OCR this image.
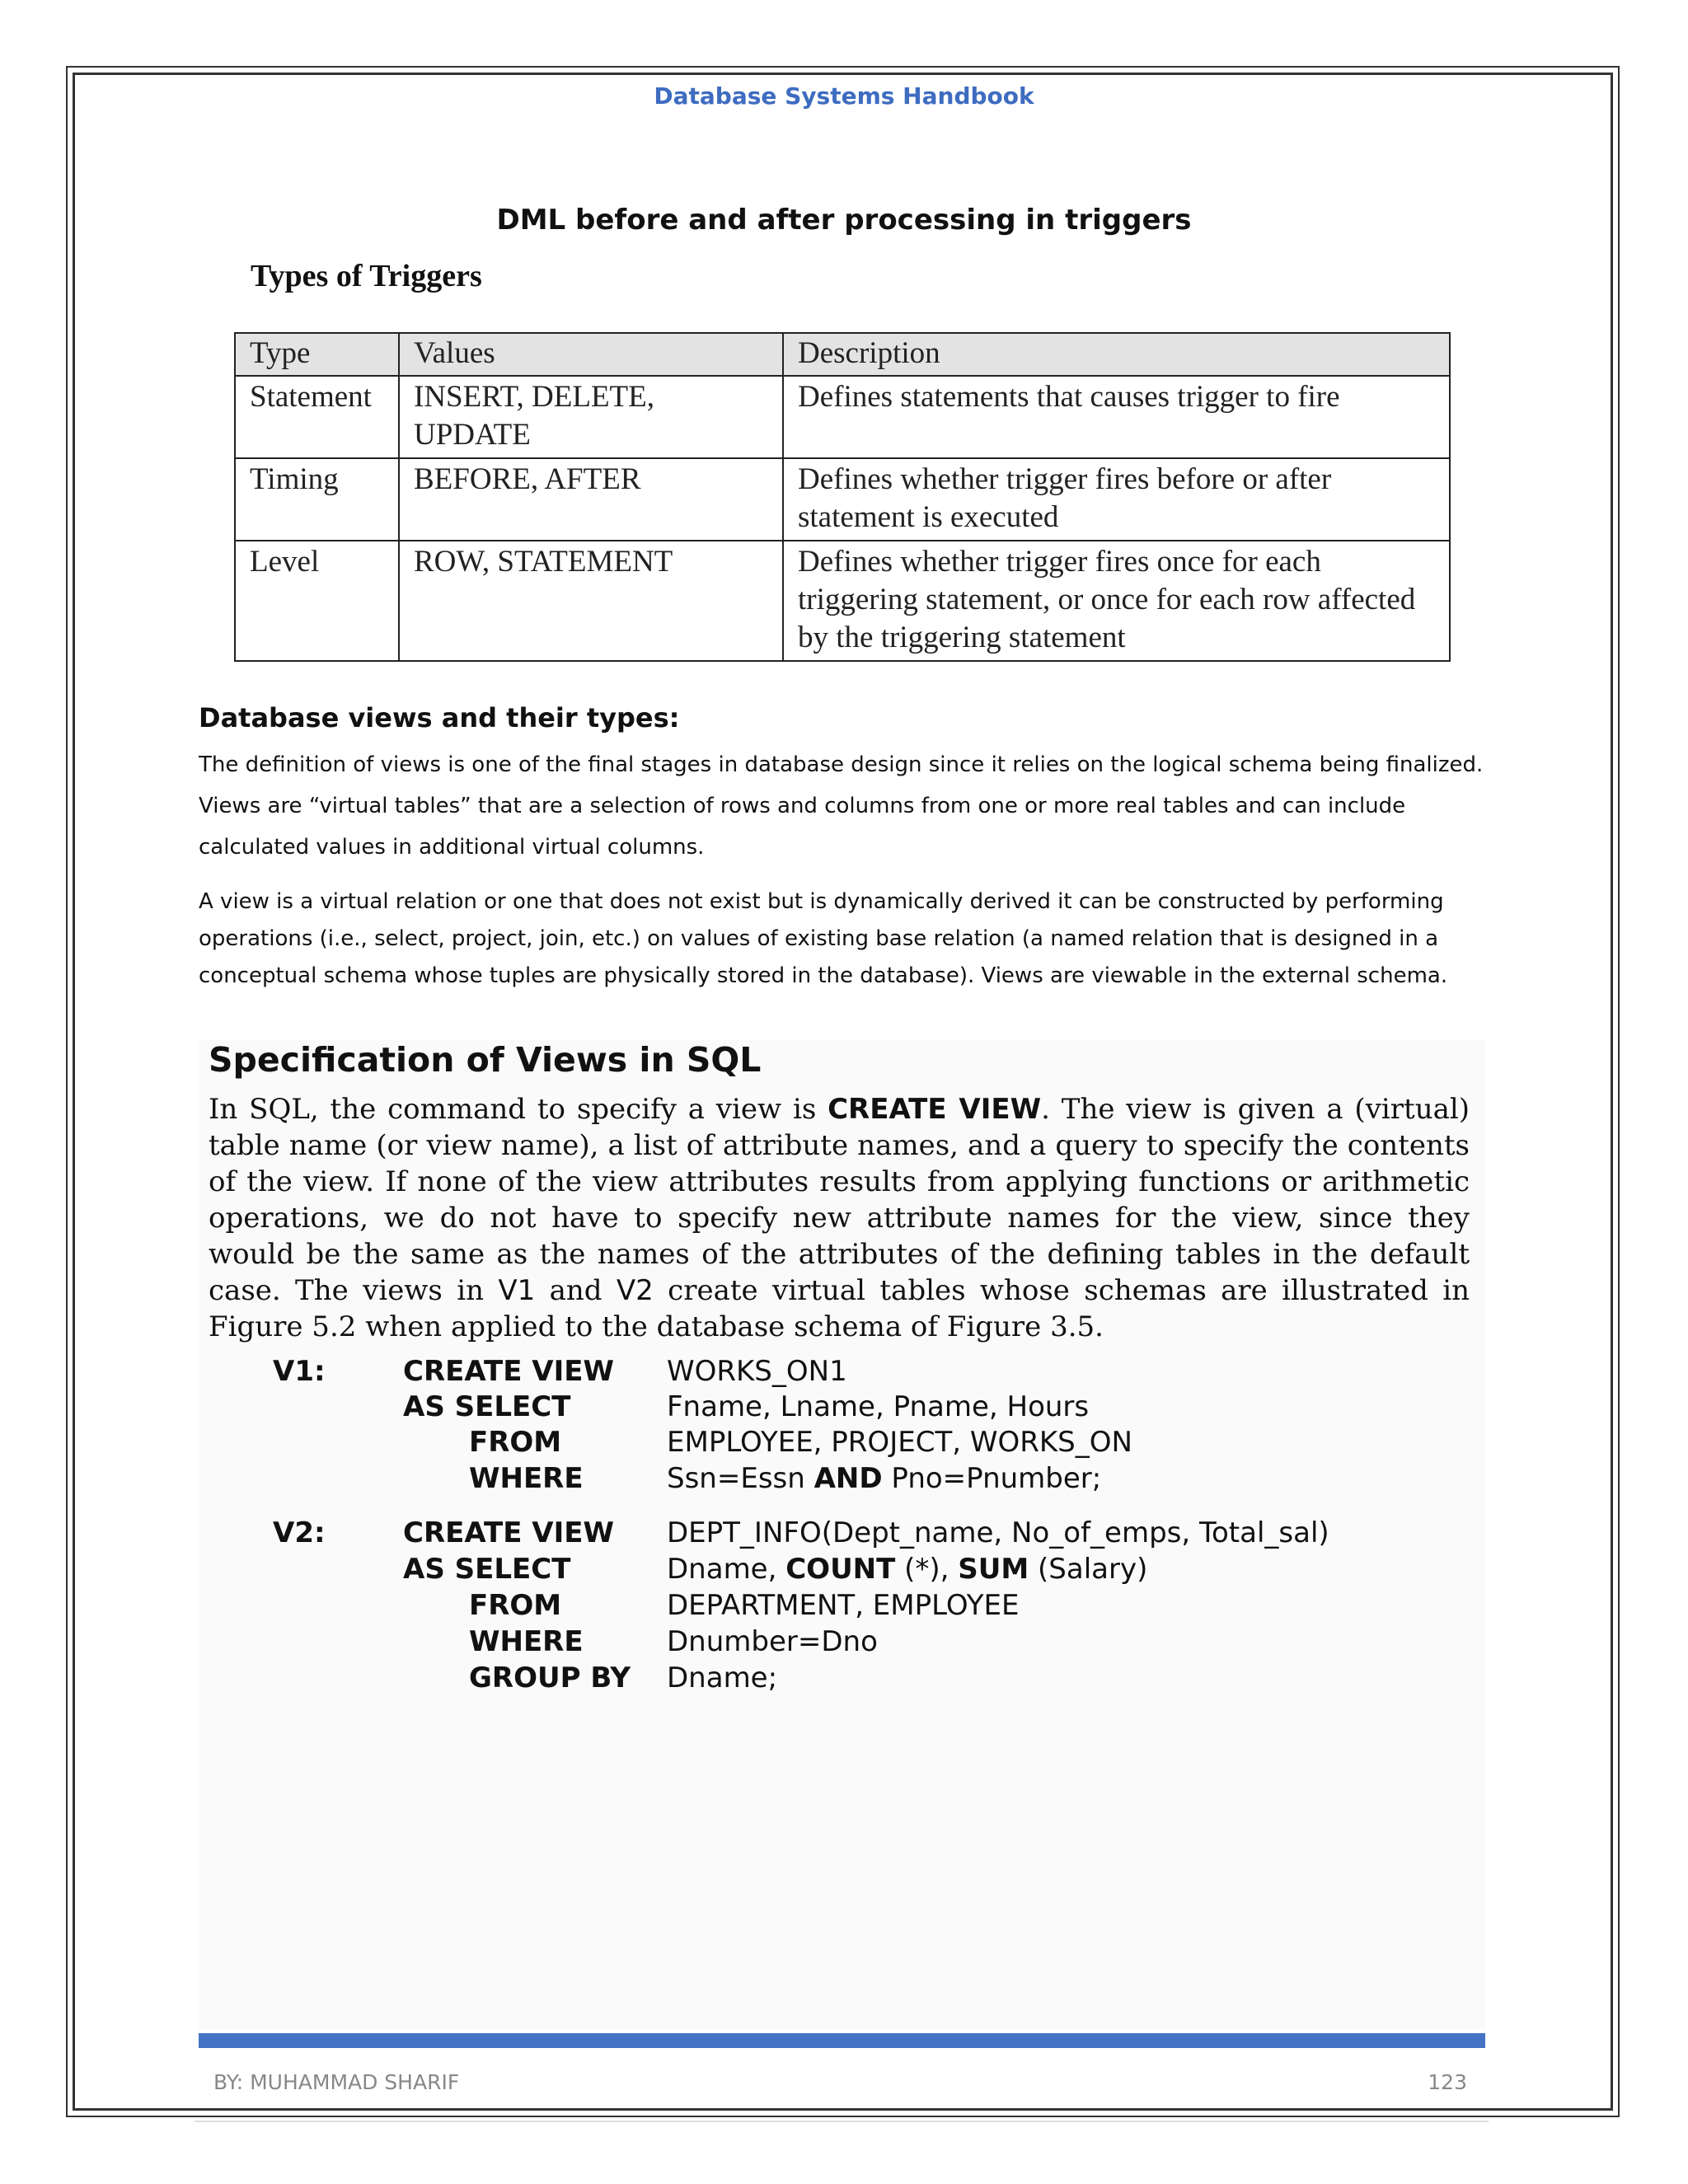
Database Systems Handbook
DML before and after processing in triggers
Types of Triggers
Type	Values	Description
Statement	INSERT, DELETE, UPDATE	Defines statements that causes trigger to fire
Timing	BEFORE, AFTER	Defines whether trigger fires before or after statement is executed
Level	ROW, STATEMENT	Defines whether trigger fires once for each triggering statement, or once for each row affected by the triggering statement
Database views and their types:
The definition of views is one of the final stages in database design since it relies on the logical schema being finalized. Views are “virtual tables” that are a selection of rows and columns from one or more real tables and can include calculated values in additional virtual columns.
A view is a virtual relation or one that does not exist but is dynamically derived it can be constructed by performing operations (i.e., select, project, join, etc.) on values of existing base relation (a named relation that is designed in a conceptual schema whose tuples are physically stored in the database). Views are viewable in the external schema.
Specification of Views in SQL
In SQL, the command to specify a view is CREATE VIEW. The view is given a (virtual) table name (or view name), a list of attribute names, and a query to specify the contents of the view. If none of the view attributes results from applying functions or arithmetic operations, we do not have to specify new attribute names for the view, since they would be the same as the names of the attributes of the defining tables in the default case. The views in V1 and V2 create virtual tables whose schemas are illustrated in Figure 5.2 when applied to the database schema of Figure 3.5.
V1:	CREATE VIEW WORKS_ON1
AS SELECT	Fname, Lname, Pname, Hours
FROM	EMPLOYEE, PROJECT, WORKS_ON
WHERE	Ssn=Essn AND Pno=Pnumber;
V2:	CREATE VIEW DEPT_INFO(Dept_name, No_of_emps, Total_sal)
AS SELECT	Dname, COUNT (*), SUM (Salary)
FROM	DEPARTMENT, EMPLOYEE
WHERE	Dnumber=Dno
GROUP BY Dname;
BY: MUHAMMAD SHARIF	123
